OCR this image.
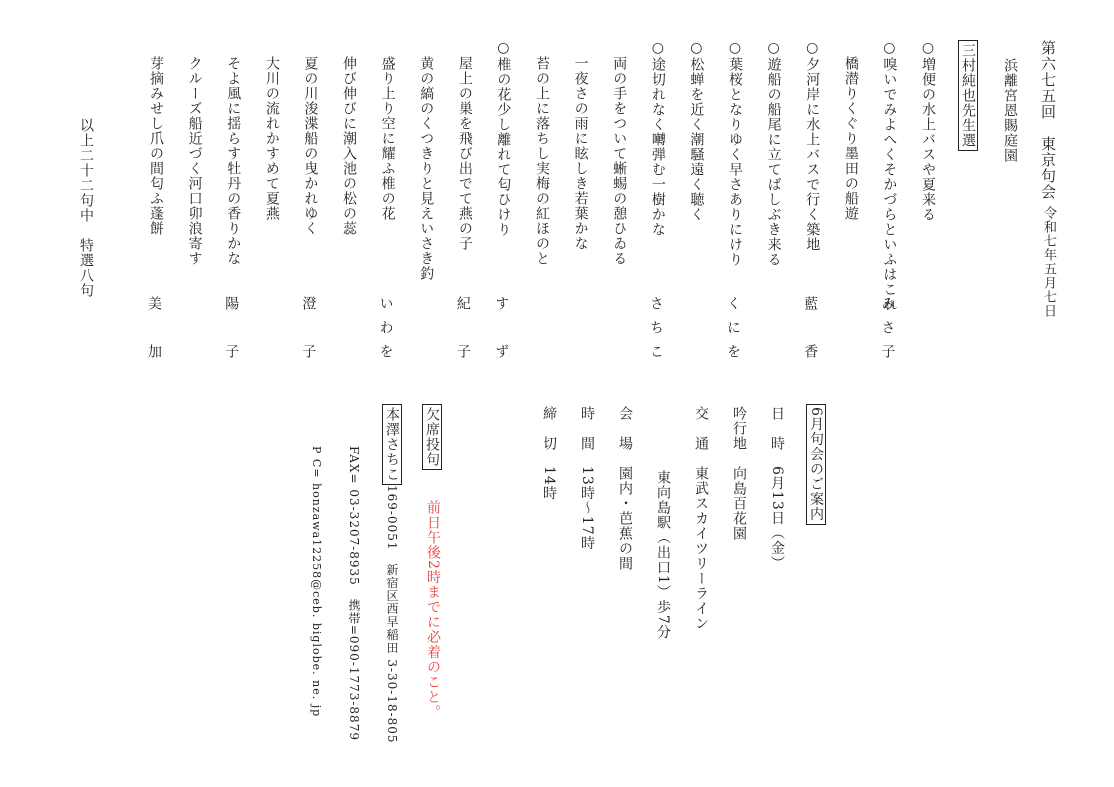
第六七五回　東京句会令和七年五月七日
浜離宮恩賜庭園
三村純也先生選
○増便の水上バスや夏来る
○嗅いでみよへくそかづらといふはこれ
みさ子
橋潜りくぐり墨田の船遊
○夕河岸に水上バスで行く築地
藍　香
○遊船の船尾に立てばしぶき来る
○葉桜となりゆく早さありにけり
くにを
○松蝉を近く潮騒遠く聴く
○途切れなく囀弾む一樹かな
さちこ
両の手をついて蜥蜴の憩ひゐる
一夜さの雨に眩しき若葉かな
苔の上に落ちし実梅の紅ほのと
○椎の花少し離れて匂ひけり
す　ず
屋上の巣を飛び出でて燕の子
紀　子
黄の縞のくつきりと見えいさき釣
盛り上り空に耀ふ椎の花
いわを
伸び伸びに潮入池の松の蕊
夏の川浚渫船の曳かれゆく
澄　子
大川の流れかすめて夏燕
そよ風に揺らす牡丹の香りかな
陽　子
クルーズ船近づく河口卯浪寄す
芽摘みせし爪の間匂ふ蓬餅
美　加
以上二十二句中　特選八句
6月句会のご案内
日　時
6月13日（金）
吟行地
向島百花園
交　通
東武スカイツリーライン
東向島駅（出口1）歩7分
会　場
園内・芭蕉の間
時　間
13時～17時
締　切
14時
欠席投句
前日午後2時までに必着のこと。
本澤さちこ169-0051　新宿区西早稲田 3-30-18-805
FAX= 03-3207-8935　携帯=090-1773-8879
P C= honzawa12258@ceb. biglobe. ne. jp
